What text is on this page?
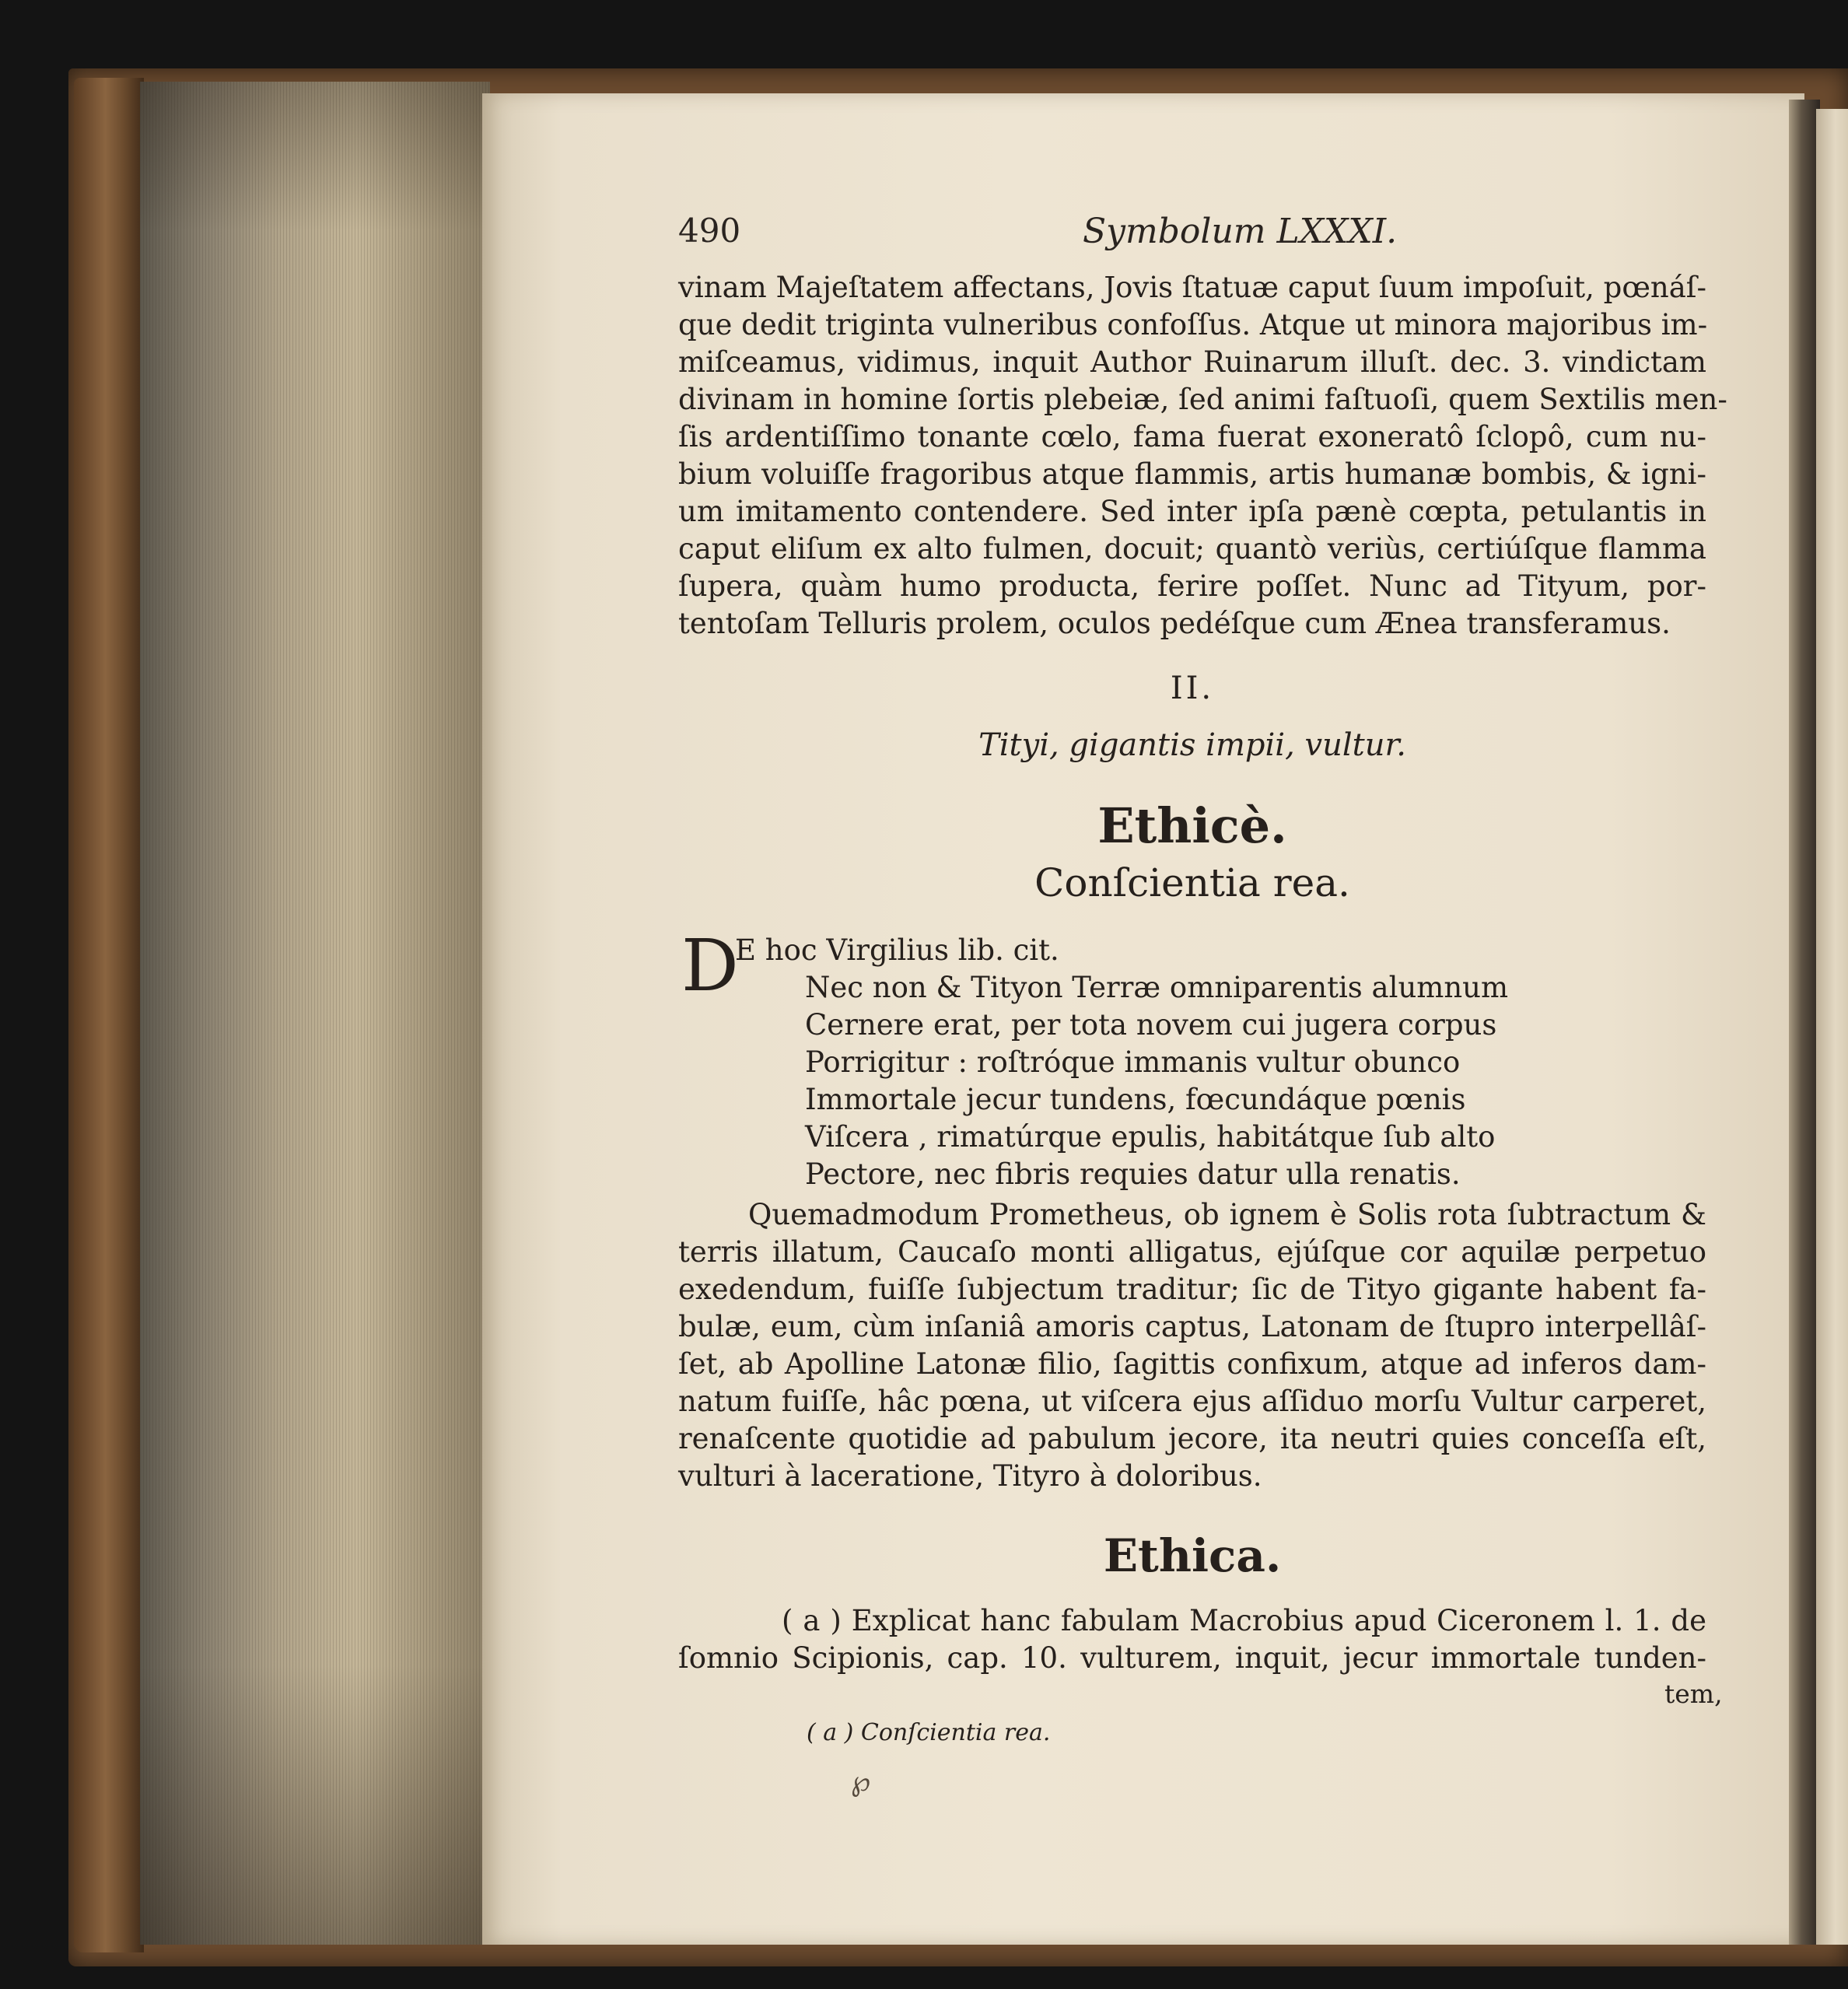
490	Symbolum LXXXI.
vinam Majeſtatem affectans, Jovis ſtatuæ caput ſuum impoſuit, pœnáſ-
que dedit triginta vulneribus confoſſus. Atque ut minora majoribus im-
miſceamus, vidimus, inquit Author Ruinarum illuſt. dec. 3. vindictam
divinam in homine ſortis plebeiæ, ſed animi faſtuoſi, quem Sextilis men-
ſis ardentiſſimo tonante cœlo, fama fuerat exoneratô ſclopô, cum nu-
bium voluiſſe fragoribus atque flammis, artis humanæ bombis, & igni-
um imitamento contendere. Sed inter ipſa pænè cœpta, petulantis in
caput eliſum ex alto fulmen, docuit; quantò veriùs, certiúſque flamma
ſupera, quàm humo producta, ferire poſſet. Nunc ad Tityum, por-
tentoſam Telluris prolem, oculos pedéſque cum Ænea transferamus.
II.
Tityi, gigantis impii, vultur.
Ethicè.
Conſcientia rea.
D
E hoc Virgilius lib. cit.
Nec non & Tityon Terræ omniparentis alumnum
Cernere erat, per tota novem cui jugera corpus
Porrigitur : roſtróque immanis vultur obunco
Immortale jecur tundens, fœcundáque pœnis
Viſcera , rimatúrque epulis, habitátque ſub alto
Pectore, nec fibris requies datur ulla renatis.
Quemadmodum Prometheus, ob ignem è Solis rota ſubtractum &
terris illatum, Caucaſo monti alligatus, ejúſque cor aquilæ perpetuo
exedendum, fuiſſe ſubjectum traditur; ſic de Tityo gigante habent fa-
bulæ, eum, cùm inſaniâ amoris captus, Latonam de ſtupro interpellâſ-
ſet, ab Apolline Latonæ filio, ſagittis confixum, atque ad inferos dam-
natum fuiſſe, hâc pœna, ut viſcera ejus aſſiduo morſu Vultur carperet,
renaſcente quotidie ad pabulum jecore, ita neutri quies conceſſa eſt,
vulturi à laceratione, Tityro à doloribus.
Ethica.
( a ) Explicat hanc fabulam Macrobius apud Ciceronem l. 1. de
ſomnio Scipionis, cap. 10. vulturem, inquit, jecur immortale tunden-
tem,
( a ) Conſcientia rea.
℘
